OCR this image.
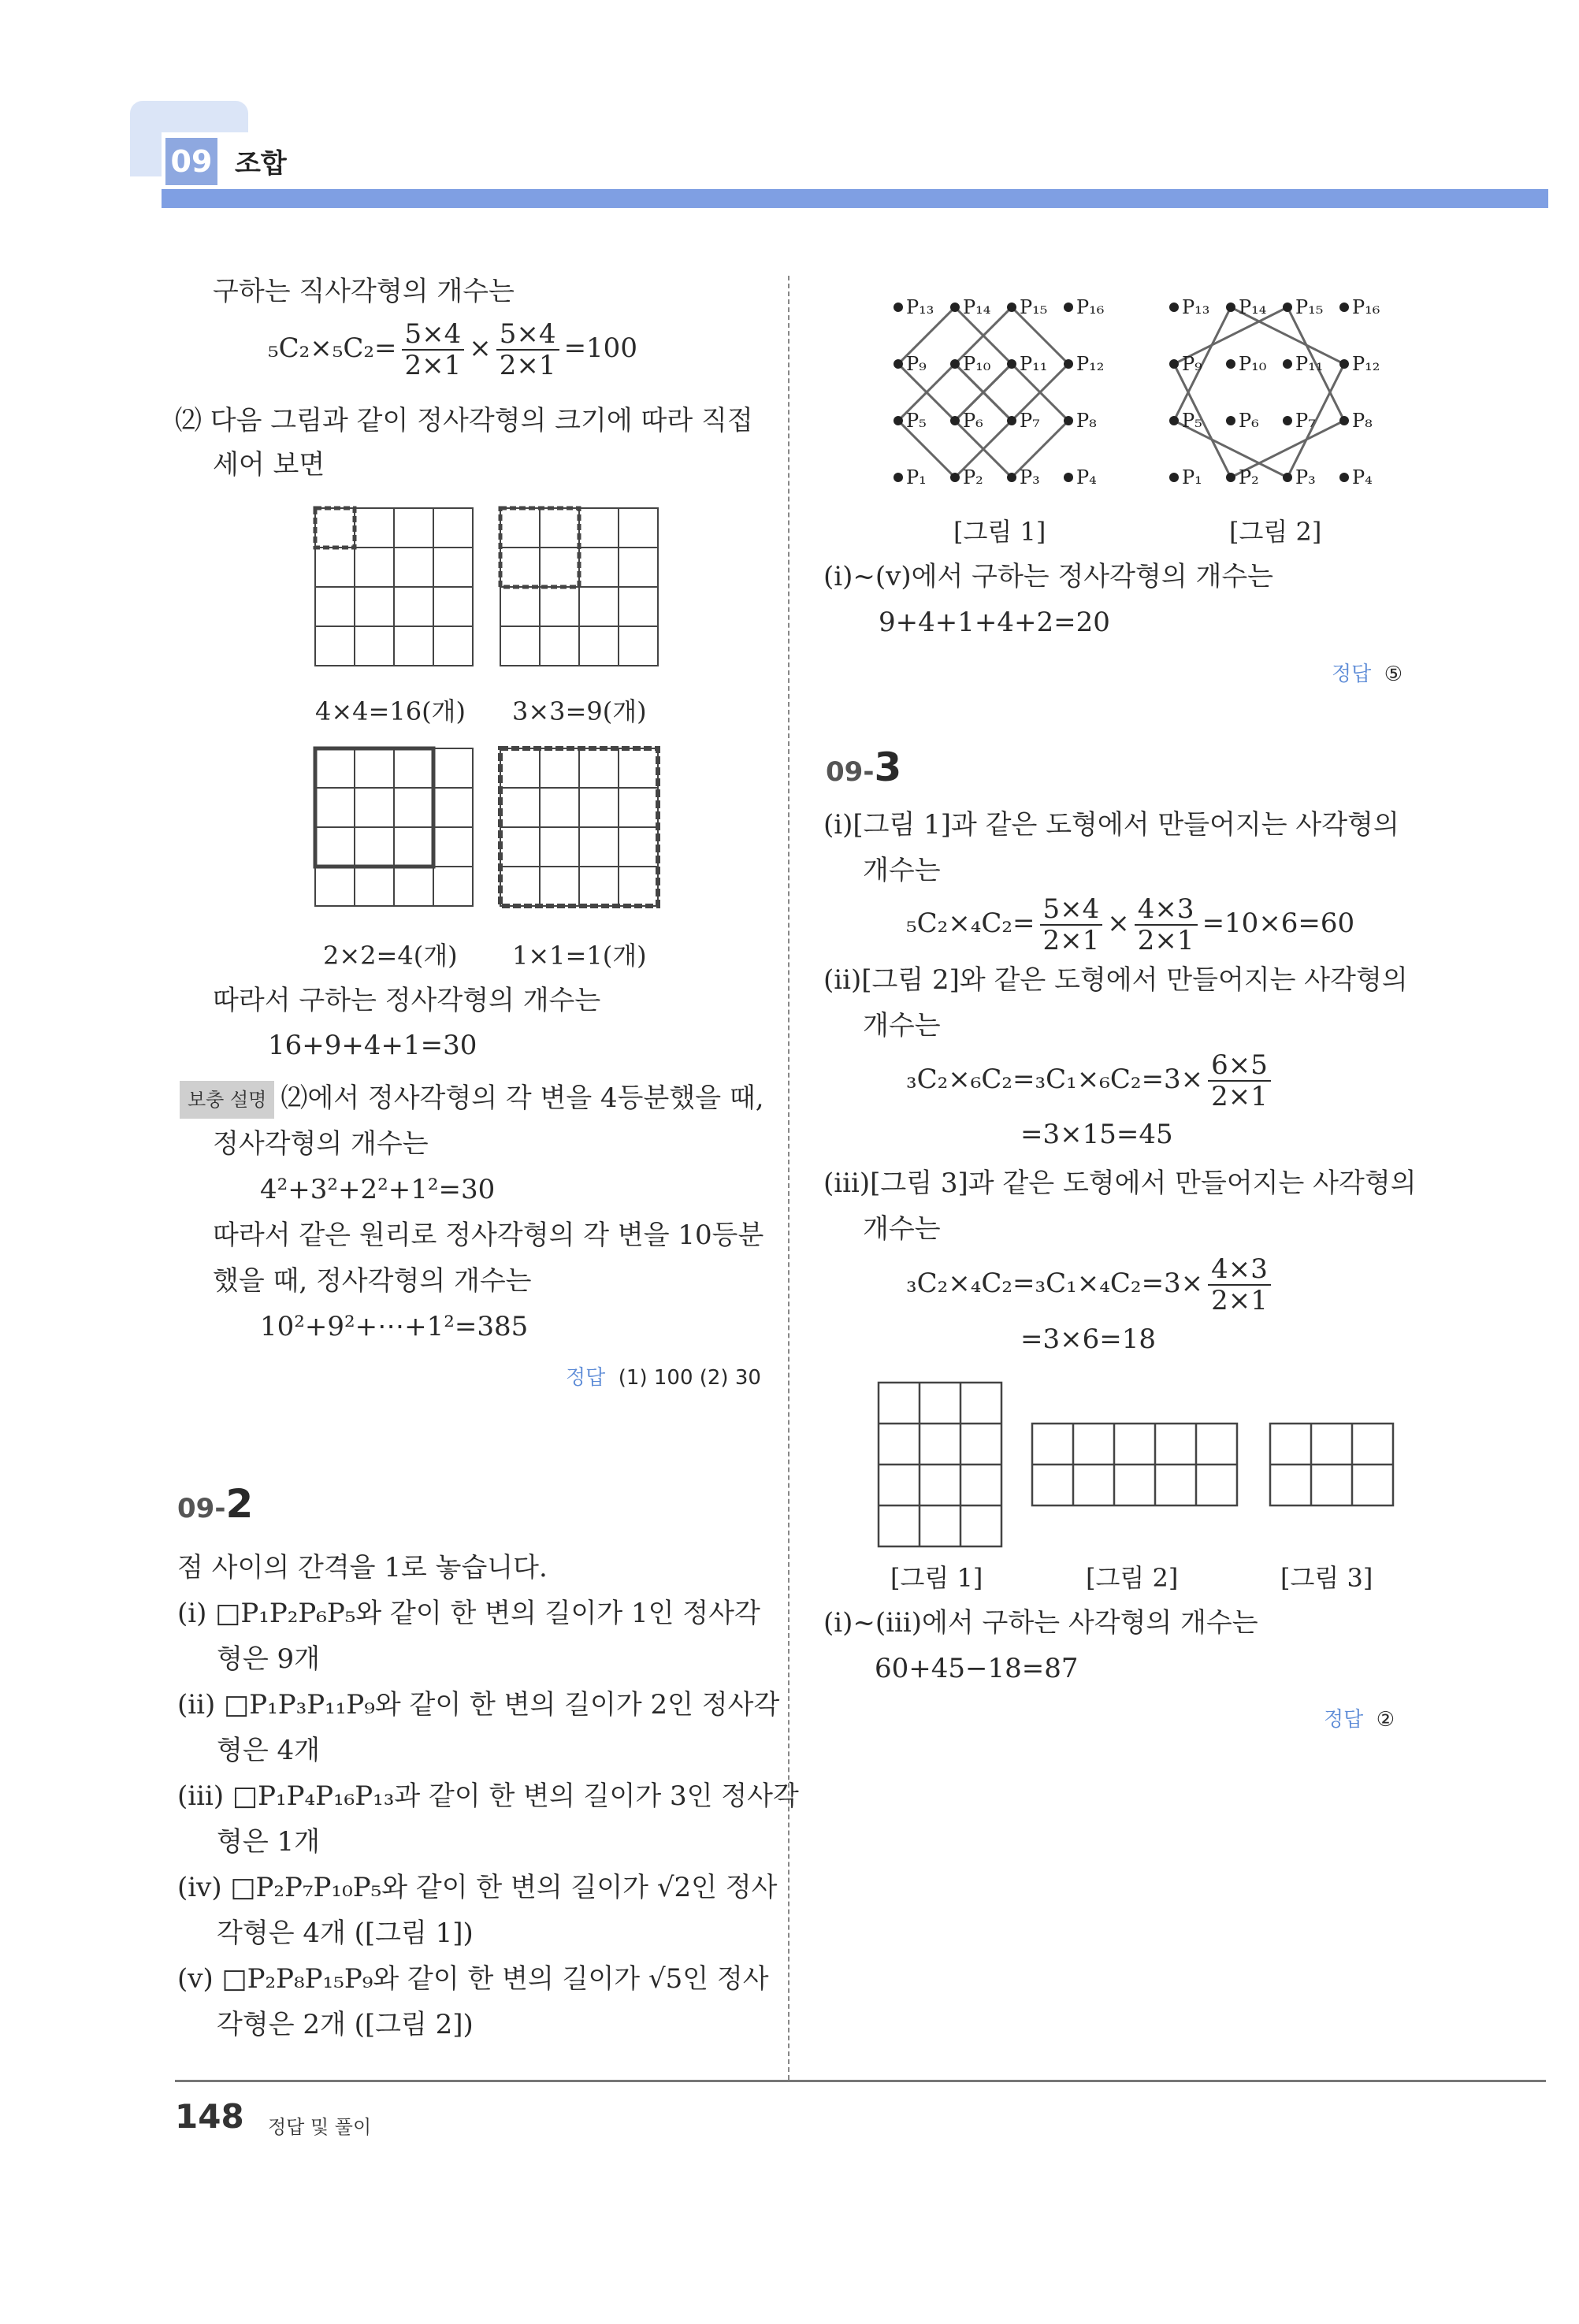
09 조합
구하는 직사각형의 개수는
$_5C_2\times_5C_2= \frac{5\times 4}{2\times 1} \times \frac{5\times 4}{2\times 1} =100$
⑵ 다음 그림과 같이 정사각형의 크기에 따라 직접
세어 보면
4×4=16(개) 3×3=9(개)
2×2=4(개) 1×1=1(개)
따라서 구하는 정사각형의 개수는
16+9+4+1=30
보충 설명 ⑵에서 정사각형의 각 변을 4등분했을 때,
정사각형의 개수는
4²+3²+2²+1²=30
따라서 같은 원리로 정사각형의 각 변을 10등분
했을 때, 정사각형의 개수는
10²+9²+⋯+1²=385
정답 (1) 100 (2) 30
09-2
점 사이의 간격을 1로 놓습니다.
(ⅰ) □P₁P₂P₆P₅와 같이 한 변의 길이가 1인 정사각
형은 9개
(ⅱ) □P₁P₃P₁₁P₉와 같이 한 변의 길이가 2인 정사각
형은 4개
(ⅲ) □P₁P₄P₁₆P₁₃과 같이 한 변의 길이가 3인 정사각
형은 1개
(ⅳ) □P₂P₇P₁₀P₅와 같이 한 변의 길이가 √2인 정사
각형은 4개 ([그림 1])
(ⅴ) □P₂P₈P₁₅P₉와 같이 한 변의 길이가 √5인 정사
각형은 2개 ([그림 2])
P₁₃ P₁₄ P₁₅ P₁₆
P₉ P₁₀ P₁₁ P₁₂
P₅ P₆ P₇ P₈
P₁ P₂ P₃ P₄
P₁₃ P₁₄ P₁₅ P₁₆
P₉ P₁₀ P₁₁ P₁₂
P₅ P₆ P₇ P₈
P₁ P₂ P₃ P₄
[그림 1]	[그림 2]
(ⅰ)~(ⅴ)에서 구하는 정사각형의 개수는
9+4+1+4+2=20
정답 ⑤
09-3
(ⅰ)[그림 1]과 같은 도형에서 만들어지는 사각형의
개수는
$_5C_2\times_4C_2= \frac{5\times 4}{2\times 1} \times \frac{4\times 3}{2\times 1} =10\times 6=60$
(ⅱ)[그림 2]와 같은 도형에서 만들어지는 사각형의
개수는
$_3C_2\times_6C_2=_3C_1\times_6C_2=3\times \frac{6\times 5}{2\times 1}$
=3×15=45
(ⅲ)[그림 3]과 같은 도형에서 만들어지는 사각형의
개수는
$_3C_2\times_4C_2=_3C_1\times_4C_2=3\times \frac{4\times 3}{2\times 1}$
=3×6=18
[그림 1]	[그림 2]	[그림 3]
(ⅰ)~(ⅲ)에서 구하는 사각형의 개수는
60+45−18=87
정답 ②
148 정답 및 풀이
